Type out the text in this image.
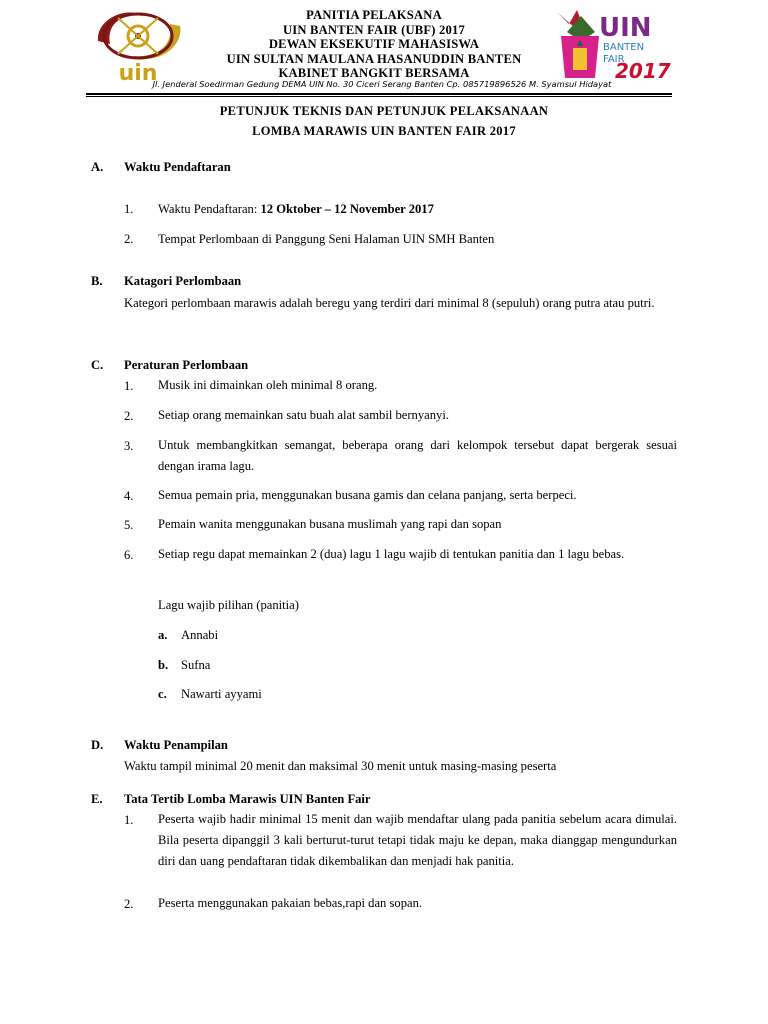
uin
PANITIA PELAKSANA
UIN BANTEN FAIR (UBF) 2017
DEWAN EKSEKUTIF MAHASISWA
UIN SULTAN MAULANA HASANUDDIN BANTEN
KABINET BANGKIT BERSAMA
UIN
BANTEN
FAIR
2017
Jl. Jenderal Soedirman Gedung DEMA UIN No. 30 Ciceri Serang Banten Cp. 085719896526 M. Syamsul Hidayat
PETUNJUK TEKNIS DAN PETUNJUK PELAKSANAAN
LOMBA MARAWIS UIN BANTEN FAIR 2017
A. Waktu Pendaftaran
1. Waktu Pendaftaran: 12 Oktober – 12 November 2017
2. Tempat Perlombaan di Panggung Seni Halaman UIN SMH Banten
B. Katagori Perlombaan
Kategori perlombaan marawis adalah beregu yang terdiri dari minimal 8 (sepuluh) orang putra atau putri.
C. Peraturan Perlombaan
1. Musik ini dimainkan oleh minimal 8 orang.
2. Setiap orang memainkan satu buah alat sambil bernyanyi.
3. Untuk membangkitkan semangat, beberapa orang dari kelompok tersebut dapat bergerak sesuai dengan irama lagu.
4. Semua pemain pria, menggunakan busana gamis dan celana panjang, serta berpeci.
5. Pemain wanita menggunakan busana muslimah yang rapi dan sopan
6. Setiap regu dapat memainkan 2 (dua) lagu 1 lagu wajib di tentukan panitia dan 1 lagu bebas.
Lagu wajib pilihan (panitia)
a. Annabi
b. Sufna
c. Nawarti ayyami
D. Waktu Penampilan
Waktu tampil minimal 20 menit dan maksimal 30 menit untuk masing-masing peserta
E. Tata Tertib Lomba Marawis UIN Banten Fair
1. Peserta wajib hadir minimal 15 menit dan wajib mendaftar ulang pada panitia sebelum acara dimulai. Bila peserta dipanggil 3 kali berturut-turut tetapi tidak maju ke depan, maka dianggap mengundurkan diri dan uang pendaftaran tidak dikembalikan dan menjadi hak panitia.
2. Peserta menggunakan pakaian bebas,rapi dan sopan.
